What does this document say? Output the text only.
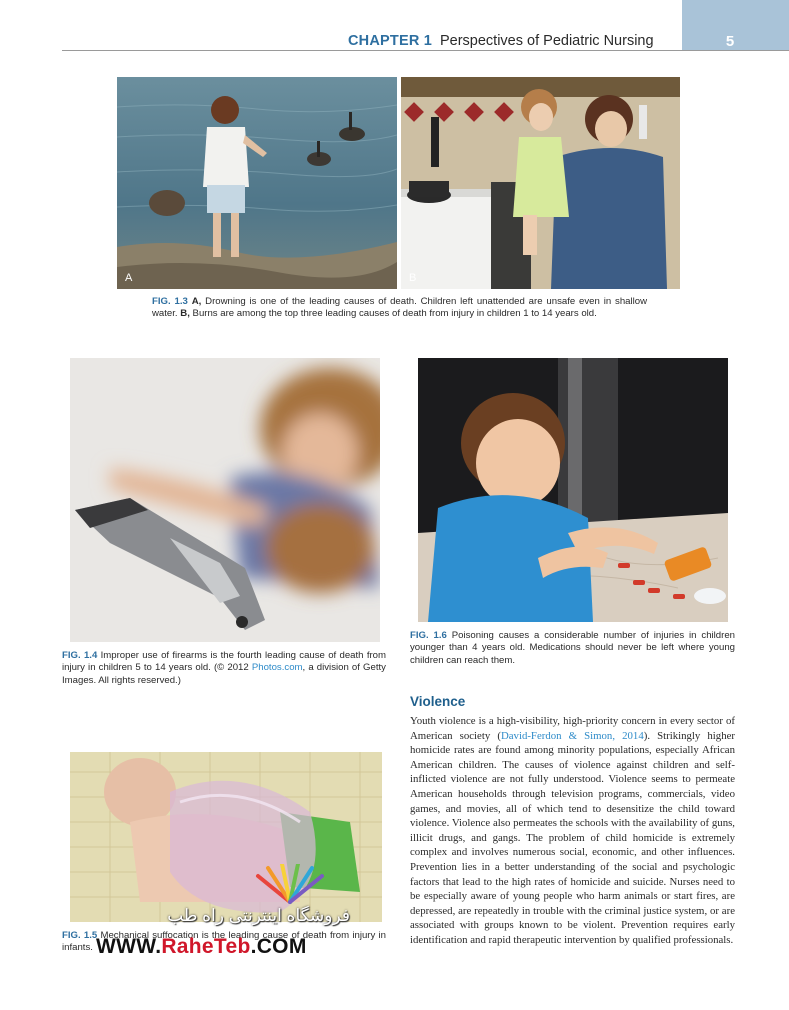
5
CHAPTER 1 Perspectives of Pediatric Nursing
A	B
FIG. 1.3 A, Drowning is one of the leading causes of death. Children left unattended are unsafe even in shallow water. B, Burns are among the top three leading causes of death from injury in children 1 to 14 years old.
FIG. 1.4 Improper use of firearms is the fourth leading cause of death from injury in children 5 to 14 years old. (© 2012 Photos.com, a division of Getty Images. All rights reserved.)
FIG. 1.6 Poisoning causes a considerable number of injuries in children younger than 4 years old. Medications should never be left where young children can reach them.
FIG. 1.5 Mechanical suffocation is the leading cause of death from injury in infants.
Violence
Youth violence is a high-visibility, high-priority concern in every sector of American society (David-Ferdon & Simon, 2014). Strikingly higher homicide rates are found among minority populations, especially African American children. The causes of violence against children and self-inflicted violence are not fully understood. Violence seems to permeate American households through television programs, commercials, video games, and movies, all of which tend to desensitize the child toward violence. Violence also permeates the schools with the availability of guns, illicit drugs, and gangs. The problem of child homicide is extremely complex and involves numerous social, economic, and other influences. Prevention lies in a better understanding of the social and psychologic factors that lead to the high rates of homicide and suicide. Nurses need to be especially aware of young people who harm animals or start fires, are depressed, are repeatedly in trouble with the criminal justice system, or are associated with groups known to be violent. Prevention requires early identification and rapid therapeutic intervention by qualified professionals.
فروشگاه اینترنتی راه طب
WWW.RaheTeb.COM
